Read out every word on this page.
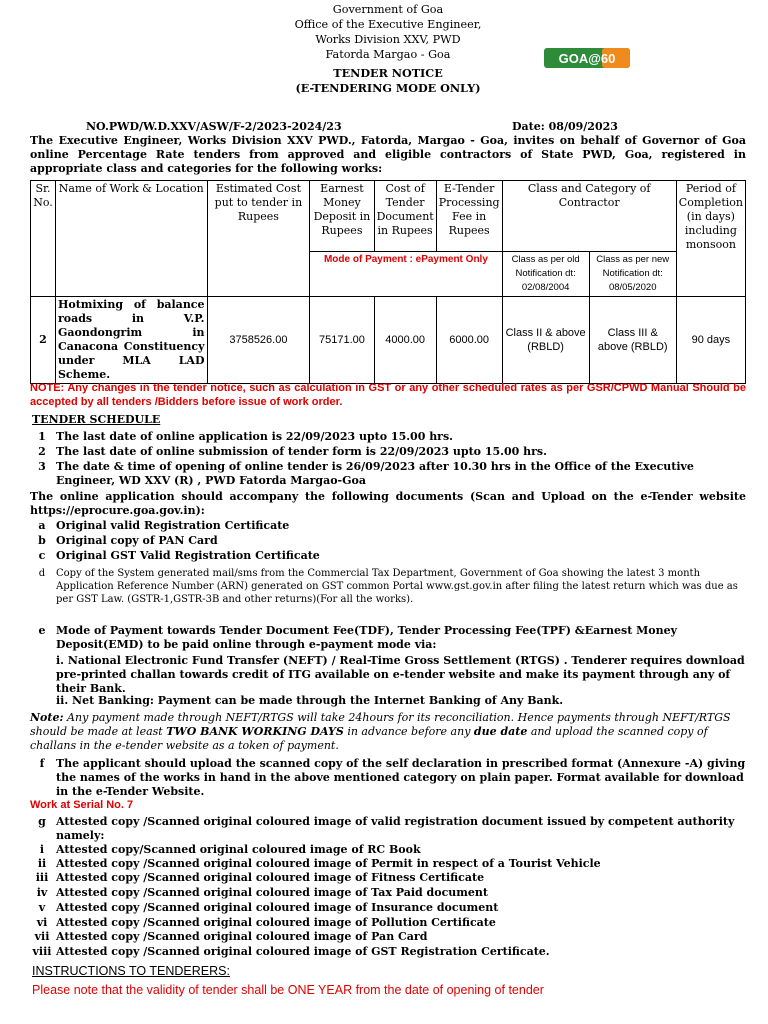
Government of Goa
Office of the Executive Engineer,
Works Division XXV, PWD
Fatorda Margao - Goa
TENDER NOTICE
(E-TENDERING MODE ONLY)
GOA@60
NO.PWD/W.D.XXV/ASW/F-2/2023-2024/23	Date: 08/09/2023
The Executive Engineer, Works Division XXV PWD., Fatorda, Margao - Goa, invites on behalf of Governor of Goa online Percentage Rate tenders from approved and eligible contractors of State PWD, Goa, registered in appropriate class and categories for the following works:
Sr. No.	Name of Work & Location	Estimated Cost put to tender in Rupees	Earnest Money Deposit in Rupees	Cost of Tender Document in Rupees	E-Tender Processing Fee in Rupees	Class and Category of Contractor		Period of Completion (in days) including monsoon
			Mode of Payment : ePayment Only			Class as per old Notification dt: 02/08/2004	Class as per new Notification dt: 08/05/2020	
2	Hotmixing of balance roads in V.P. Gaondongrim in Canacona Constituency under MLA LAD Scheme.	3758526.00	75171.00	4000.00	6000.00	Class II & above (RBLD)	Class III & above (RBLD)	90 days
NOTE: Any changes in the tender notice, such as calculation in GST or any other scheduled rates as per GSR/CPWD Manual Should be accepted by all tenders /Bidders before issue of work order.
TENDER SCHEDULE
1 The last date of online application is 22/09/2023 upto 15.00 hrs.
2 The last date of online submission of tender form is 22/09/2023 upto 15.00 hrs.
3 The date & time of opening of online tender is 26/09/2023 after 10.30 hrs in the Office of the Executive Engineer, WD XXV (R) , PWD Fatorda Margao-Goa
The online application should accompany the following documents (Scan and Upload on the e-Tender website https://eprocure.goa.gov.in):
a Original valid Registration Certificate
b Original copy of PAN Card
c Original GST Valid Registration Certificate
d	Copy of the System generated mail/sms from the Commercial Tax Department, Government of Goa showing the latest 3 month Application Reference Number (ARN) generated on GST common Portal www.gst.gov.in after filing the latest return which was due as per GST Law. (GSTR-1,GSTR-3B and other returns)(For all the works).
e Mode of Payment towards Tender Document Fee(TDF), Tender Processing Fee(TPF) &Earnest Money Deposit(EMD) to be paid online through e-payment mode via:
i. National Electronic Fund Transfer (NEFT) / Real-Time Gross Settlement (RTGS) . Tenderer requires download pre-printed challan towards credit of ITG available on e-tender website and make its payment through any of their Bank.
ii. Net Banking: Payment can be made through the Internet Banking of Any Bank.
Note: Any payment made through NEFT/RTGS will take 24hours for its reconciliation. Hence payments through NEFT/RTGS should be made at least TWO BANK WORKING DAYS in advance before any due date and upload the scanned copy of challans in the e-tender website as a token of payment.
f	The applicant should upload the scanned copy of the self declaration in prescribed format (Annexure -A) giving the names of the works in hand in the above mentioned category on plain paper. Format available for download in the e-Tender Website.
Work at Serial No. 7
g Attested copy /Scanned original coloured image of valid registration document issued by competent authority namely:
i	Attested copy/Scanned original coloured image of RC Book
ii Attested copy /Scanned original coloured image of Permit in respect of a Tourist Vehicle
iii Attested copy /Scanned original coloured image of Fitness Certificate
iv Attested copy /Scanned original coloured image of Tax Paid document
v Attested copy /Scanned original coloured image of Insurance document
vi Attested copy /Scanned original coloured image of Pollution Certificate
vii Attested copy /Scanned original coloured image of Pan Card
viii Attested copy /Scanned original coloured image of GST Registration Certificate.
INSTRUCTIONS TO TENDERERS:
Please note that the validity of tender shall be ONE YEAR from the date of opening of tender
